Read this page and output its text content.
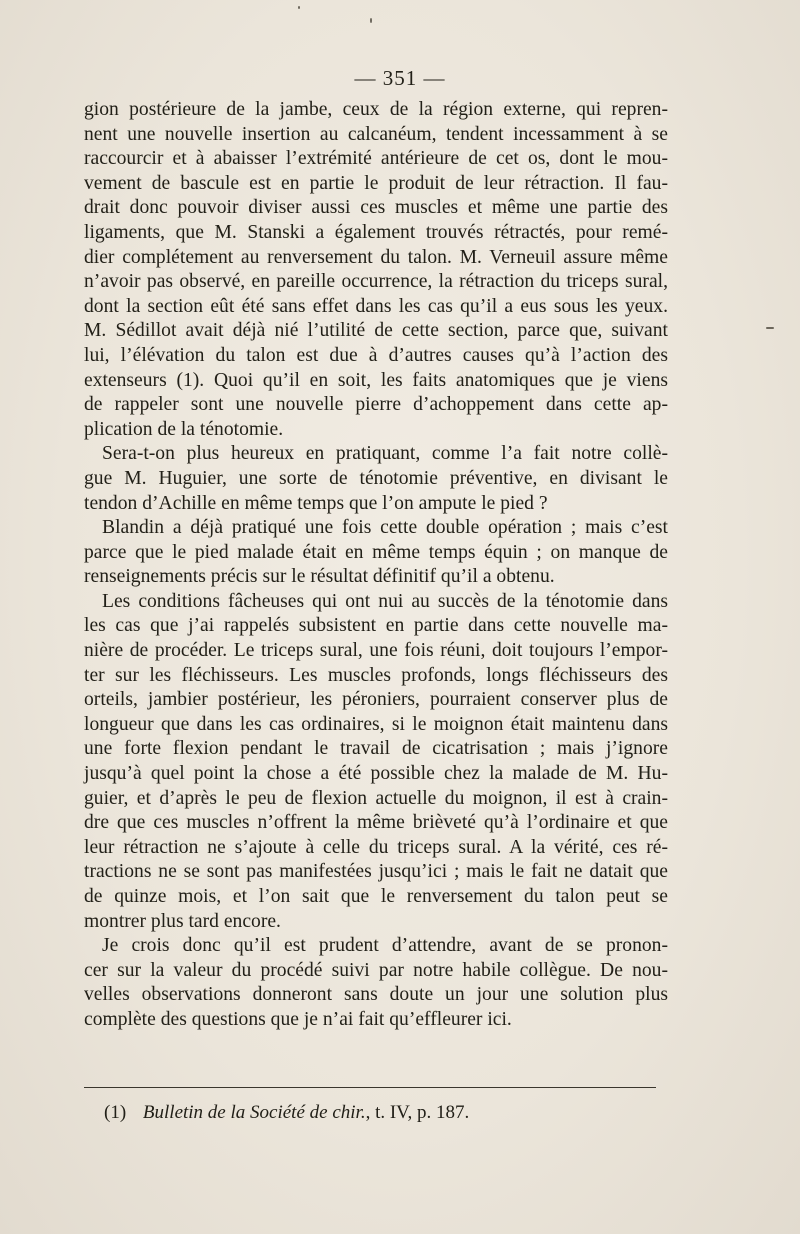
— 351 —

gion postérieure de la jambe, ceux de la région externe, qui repren-
nent une nouvelle insertion au calcanéum, tendent incessamment à se
raccourcir et à abaisser l’extrémité antérieure de cet os, dont le mou-
vement de bascule est en partie le produit de leur rétraction. Il fau-
drait donc pouvoir diviser aussi ces muscles et même une partie des
ligaments, que M. Stanski a également trouvés rétractés, pour remé-
dier complétement au renversement du talon. M. Verneuil assure même
n’avoir pas observé, en pareille occurrence, la rétraction du triceps sural,
dont la section eût été sans effet dans les cas qu’il a eus sous les yeux.
M. Sédillot avait déjà nié l’utilité de cette section, parce que, suivant
lui, l’élévation du talon est due à d’autres causes qu’à l’action des
extenseurs (1). Quoi qu’il en soit, les faits anatomiques que je viens
de rappeler sont une nouvelle pierre d’achoppement dans cette ap-
plication de la ténotomie.

Sera-t-on plus heureux en pratiquant, comme l’a fait notre collè-
gue M. Huguier, une sorte de ténotomie préventive, en divisant le
tendon d’Achille en même temps que l’on ampute le pied ?

Blandin a déjà pratiqué une fois cette double opération ; mais c’est
parce que le pied malade était en même temps équin ; on manque de
renseignements précis sur le résultat définitif qu’il a obtenu.

Les conditions fâcheuses qui ont nui au succès de la ténotomie dans
les cas que j’ai rappelés subsistent en partie dans cette nouvelle ma-
nière de procéder. Le triceps sural, une fois réuni, doit toujours l’empor-
ter sur les fléchisseurs. Les muscles profonds, longs fléchisseurs des
orteils, jambier postérieur, les péroniers, pourraient conserver plus de
longueur que dans les cas ordinaires, si le moignon était maintenu dans
une forte flexion pendant le travail de cicatrisation ; mais j’ignore
jusqu’à quel point la chose a été possible chez la malade de M. Hu-
guier, et d’après le peu de flexion actuelle du moignon, il est à crain-
dre que ces muscles n’offrent la même brièveté qu’à l’ordinaire et que
leur rétraction ne s’ajoute à celle du triceps sural. A la vérité, ces ré-
tractions ne se sont pas manifestées jusqu’ici ; mais le fait ne datait que
de quinze mois, et l’on sait que le renversement du talon peut se
montrer plus tard encore.

Je crois donc qu’il est prudent d’attendre, avant de se pronon-
cer sur la valeur du procédé suivi par notre habile collègue. De nou-
velles observations donneront sans doute un jour une solution plus
complète des questions que je n’ai fait qu’effleurer ici.

(1) Bulletin de la Société de chir., t. IV, p. 187.
